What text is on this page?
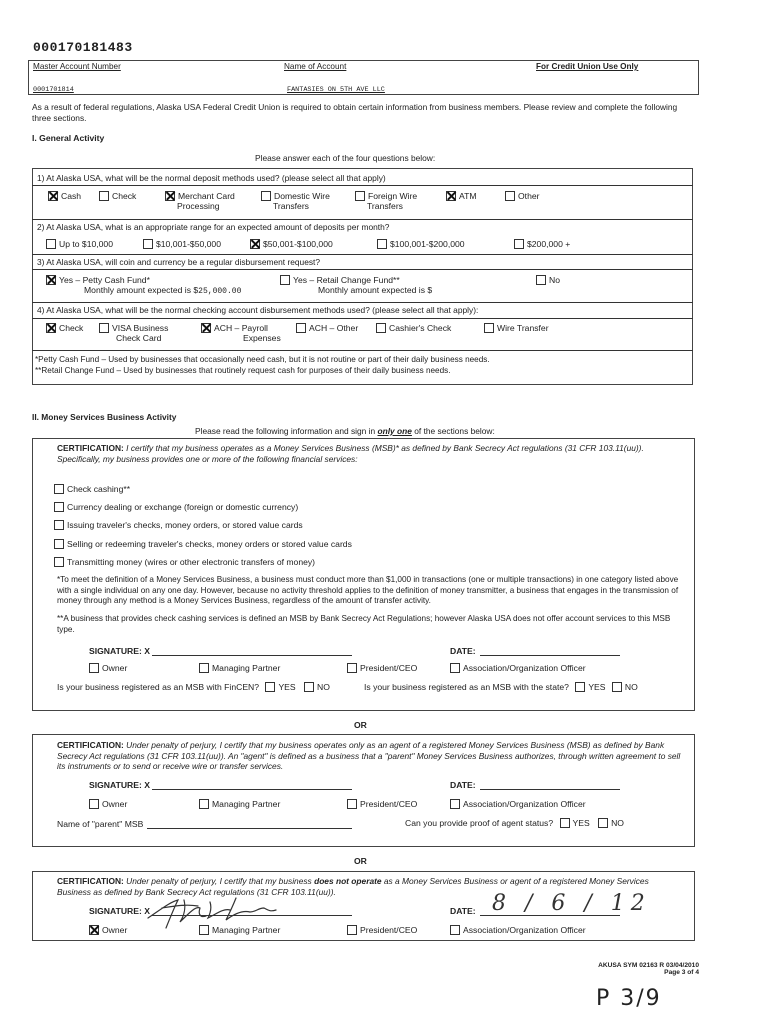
000170181483
Master Account Number	Name of Account	For Credit Union Use Only
0001701814	FANTASIES ON 5TH AVE LLC
As a result of federal regulations, Alaska USA Federal Credit Union is required to obtain certain information from business members. Please review and complete the following three sections.
I. General Activity
Please answer each of the four questions below:
1) At Alaska USA, what will be the normal deposit methods used? (please select all that apply)
Cash	Check	Merchant Card
Processing
Domestic Wire
Transfers
Foreign Wire
Transfers
ATM	Other
2) At Alaska USA, what is an appropriate range for an expected amount of deposits per month?
Up to $10,000	$10,001-$50,000	$50,001-$100,000	$100,001-$200,000	$200,000 +
3) At Alaska USA, will coin and currency be a regular disbursement request?
Yes – Petty Cash Fund*
Monthly amount expected is $25,000.00
Yes – Retail Change Fund**
Monthly amount expected is $
No
4) At Alaska USA, what will be the normal checking account disbursement methods used? (please select all that apply):
Check	VISA Business
Check Card
ACH – Payroll
Expenses
ACH – Other	Cashier's Check	Wire Transfer
*Petty Cash Fund – Used by businesses that occasionally need cash, but it is not routine or part of their daily business needs.
**Retail Change Fund – Used by businesses that routinely request cash for purposes of their daily business needs.
II. Money Services Business Activity
Please read the following information and sign in only one of the sections below:
CERTIFICATION: I certify that my business operates as a Money Services Business (MSB)* as defined by Bank Secrecy Act regulations (31 CFR 103.11(uu)). Specifically, my business provides one or more of the following financial services:
Check cashing**
Currency dealing or exchange (foreign or domestic currency)
Issuing traveler's checks, money orders, or stored value cards
Selling or redeeming traveler's checks, money orders or stored value cards
Transmitting money (wires or other electronic transfers of money)
*To meet the definition of a Money Services Business, a business must conduct more than $1,000 in transactions (one or multiple transactions) in one category listed above with a single individual on any one day. However, because no activity threshold applies to the definition of money transmitter, a business that engages in the transmission of money through any method is a Money Services Business, regardless of the amount of transfer activity.
**A business that provides check cashing services is defined an MSB by Bank Secrecy Act Regulations; however Alaska USA does not offer account services to this MSB type.
SIGNATURE: X	DATE:
Owner	Managing Partner	President/CEO	Association/Organization Officer
Is your business registered as an MSB with FinCEN? YES NO	Is your business registered as an MSB with the state? YES NO
OR
CERTIFICATION: Under penalty of perjury, I certify that my business operates only as an agent of a registered Money Services Business (MSB) as defined by Bank Secrecy Act regulations (31 CFR 103.11(uu)). An "agent" is defined as a business that a "parent" Money Services Business authorizes, through written agreement to sell its instruments or to send or receive wire or transfer services.
SIGNATURE: X	DATE:
Owner	Managing Partner	President/CEO	Association/Organization Officer
Name of "parent" MSB	Can you provide proof of agent status? YES NO
OR
CERTIFICATION: Under penalty of perjury, I certify that my business does not operate as a Money Services Business or agent of a registered Money Services Business as defined by Bank Secrecy Act regulations (31 CFR 103.11(uu)).
SIGNATURE: X	DATE: 8 / 6 / 12
Owner	Managing Partner	President/CEO	Association/Organization Officer
AKUSA SYM 02163 R 03/04/2010
Page 3 of 4
P 3/9
